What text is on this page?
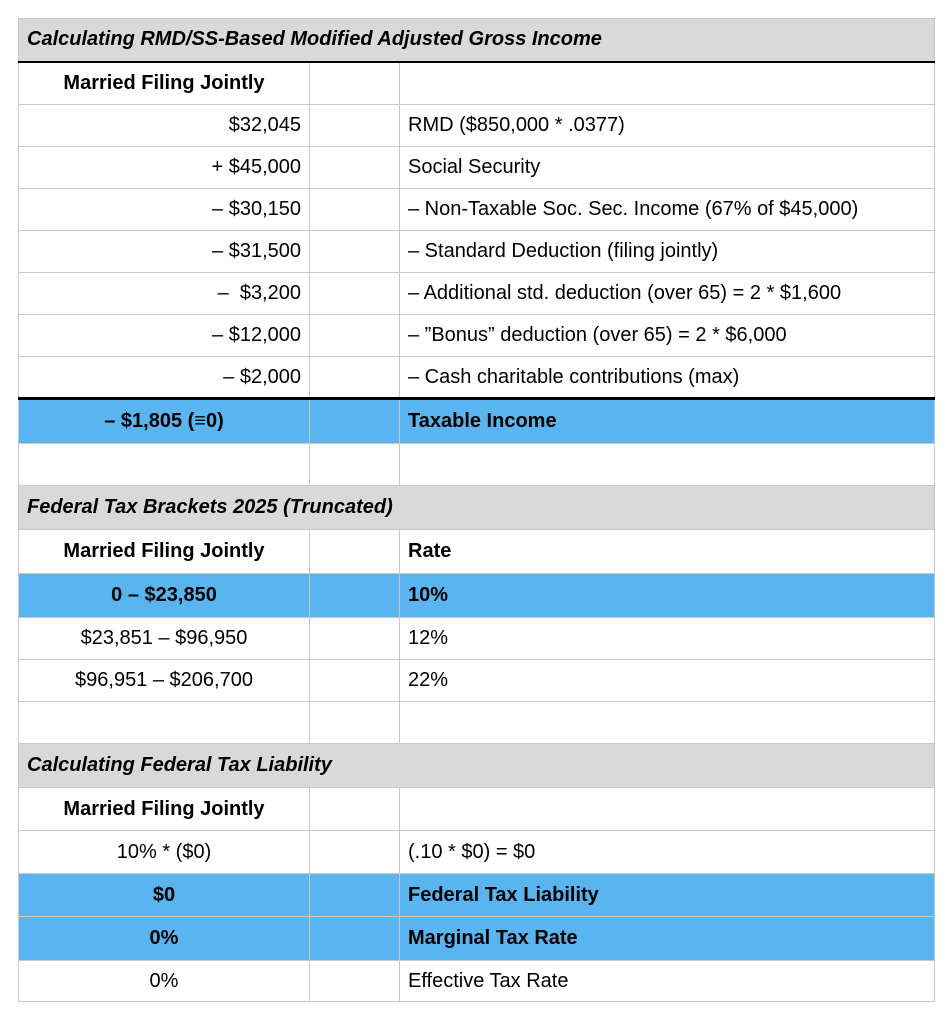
Calculating RMD/SS-Based Modified Adjusted Gross Income		
Married Filing Jointly		
$32,045		RMD ($850,000 * .0377)
+ $45,000		Social Security
– $30,150		– Non-Taxable Soc. Sec. Income (67% of $45,000)
– $31,500		– Standard Deduction (filing jointly)
–  $3,200		– Additional std. deduction (over 65) = 2 * $1,600
– $12,000		– ”Bonus” deduction (over 65) = 2 * $6,000
– $2,000		– Cash charitable contributions (max)
– $1,805 (≡0)		Taxable Income

Federal Tax Brackets 2025 (Truncated)		
Married Filing Jointly		Rate
0 – $23,850		10%
$23,851 – $96,950		12%
$96,951 – $206,700		22%

Calculating Federal Tax Liability		
Married Filing Jointly		
10% * ($0)		(.10 * $0) = $0
$0		Federal Tax Liability
0%		Marginal Tax Rate
0%		Effective Tax Rate
